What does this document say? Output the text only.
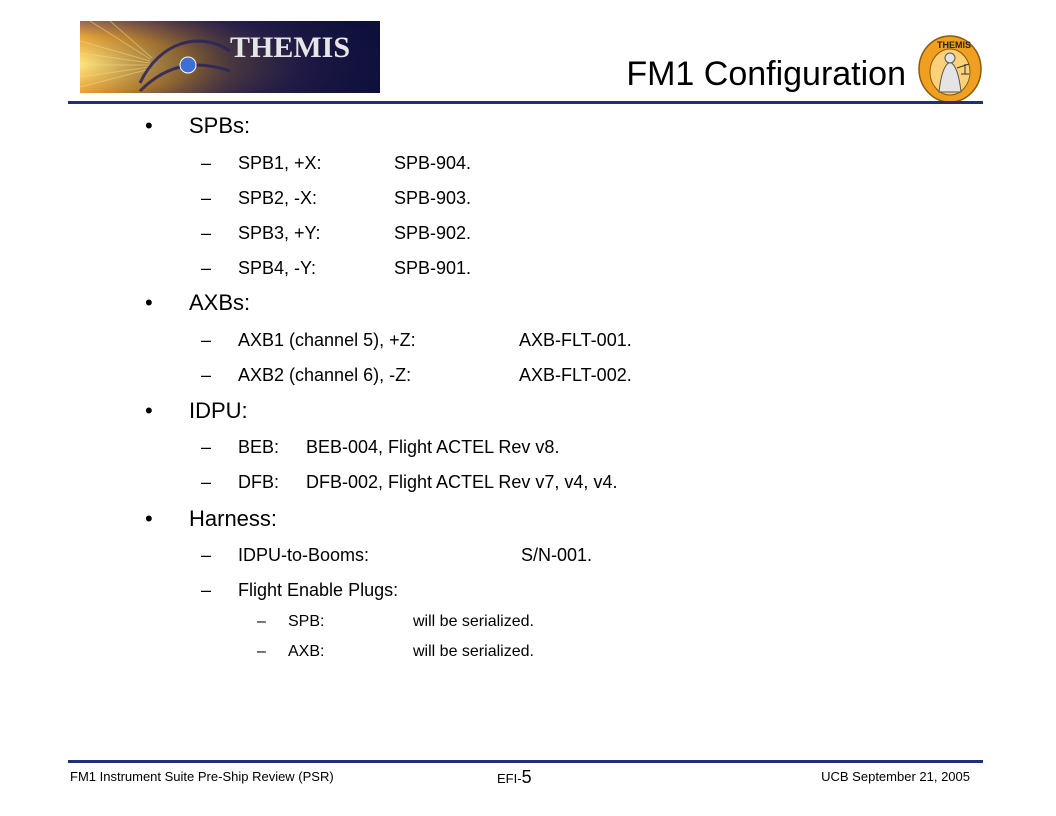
THEMIS
FM1 Configuration
THEMIS
• SPBs:
– SPB1, +X:	SPB-904.
– SPB2, -X:	SPB-903.
– SPB3, +Y:	SPB-902.
– SPB4, -Y:	SPB-901.
• AXBs:
– AXB1 (channel 5), +Z:	AXB-FLT-001.
– AXB2 (channel 6), -Z:	AXB-FLT-002.
• IDPU:
– BEB: BEB-004, Flight ACTEL Rev v8.
– DFB: DFB-002, Flight ACTEL Rev v7, v4, v4.
• Harness:
– IDPU-to-Booms:	S/N-001.
– Flight Enable Plugs:
– SPB:	will be serialized.
– AXB:	will be serialized.
FM1 Instrument Suite Pre-Ship Review (PSR)	EFI-5	UCB September 21, 2005
